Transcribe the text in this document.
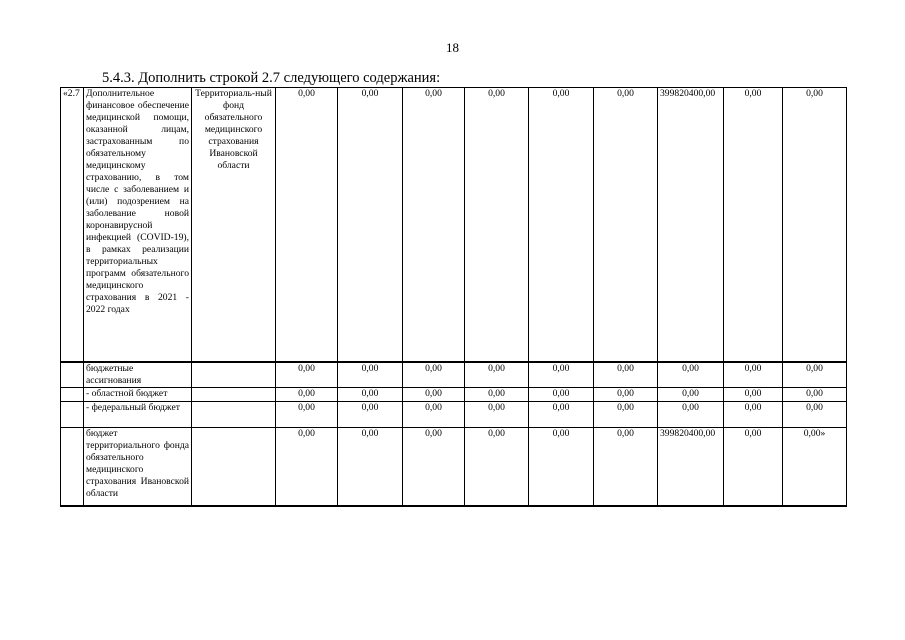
18
5.4.3. Дополнить строкой 2.7 следующего содержания:
«2.7	Дополнительное финансовое обеспечение медицинской помощи, оказанной лицам, застрахованным по обязательному медицинскому страхованию, в том числе с заболеванием и (или) подозрением на заболевание новой коронавирусной инфекцией (COVID-19), в рамках реализации территориальных программ обязательного медицинского страхования в 2021 - 2022 годах	Территориаль-ный фонд обязательного медицинского страхования Ивановской области	0,00	0,00	0,00	0,00	0,00	0,00	399820400,00	0,00	0,00
	бюджетные ассигнования		0,00	0,00	0,00	0,00	0,00	0,00	0,00	0,00	0,00
	- областной бюджет		0,00	0,00	0,00	0,00	0,00	0,00	0,00	0,00	0,00
	- федеральный бюджет		0,00	0,00	0,00	0,00	0,00	0,00	0,00	0,00	0,00
	бюджет территориального фонда обязательного медицинского страхования Ивановской области		0,00	0,00	0,00	0,00	0,00	0,00	399820400,00	0,00	0,00»
